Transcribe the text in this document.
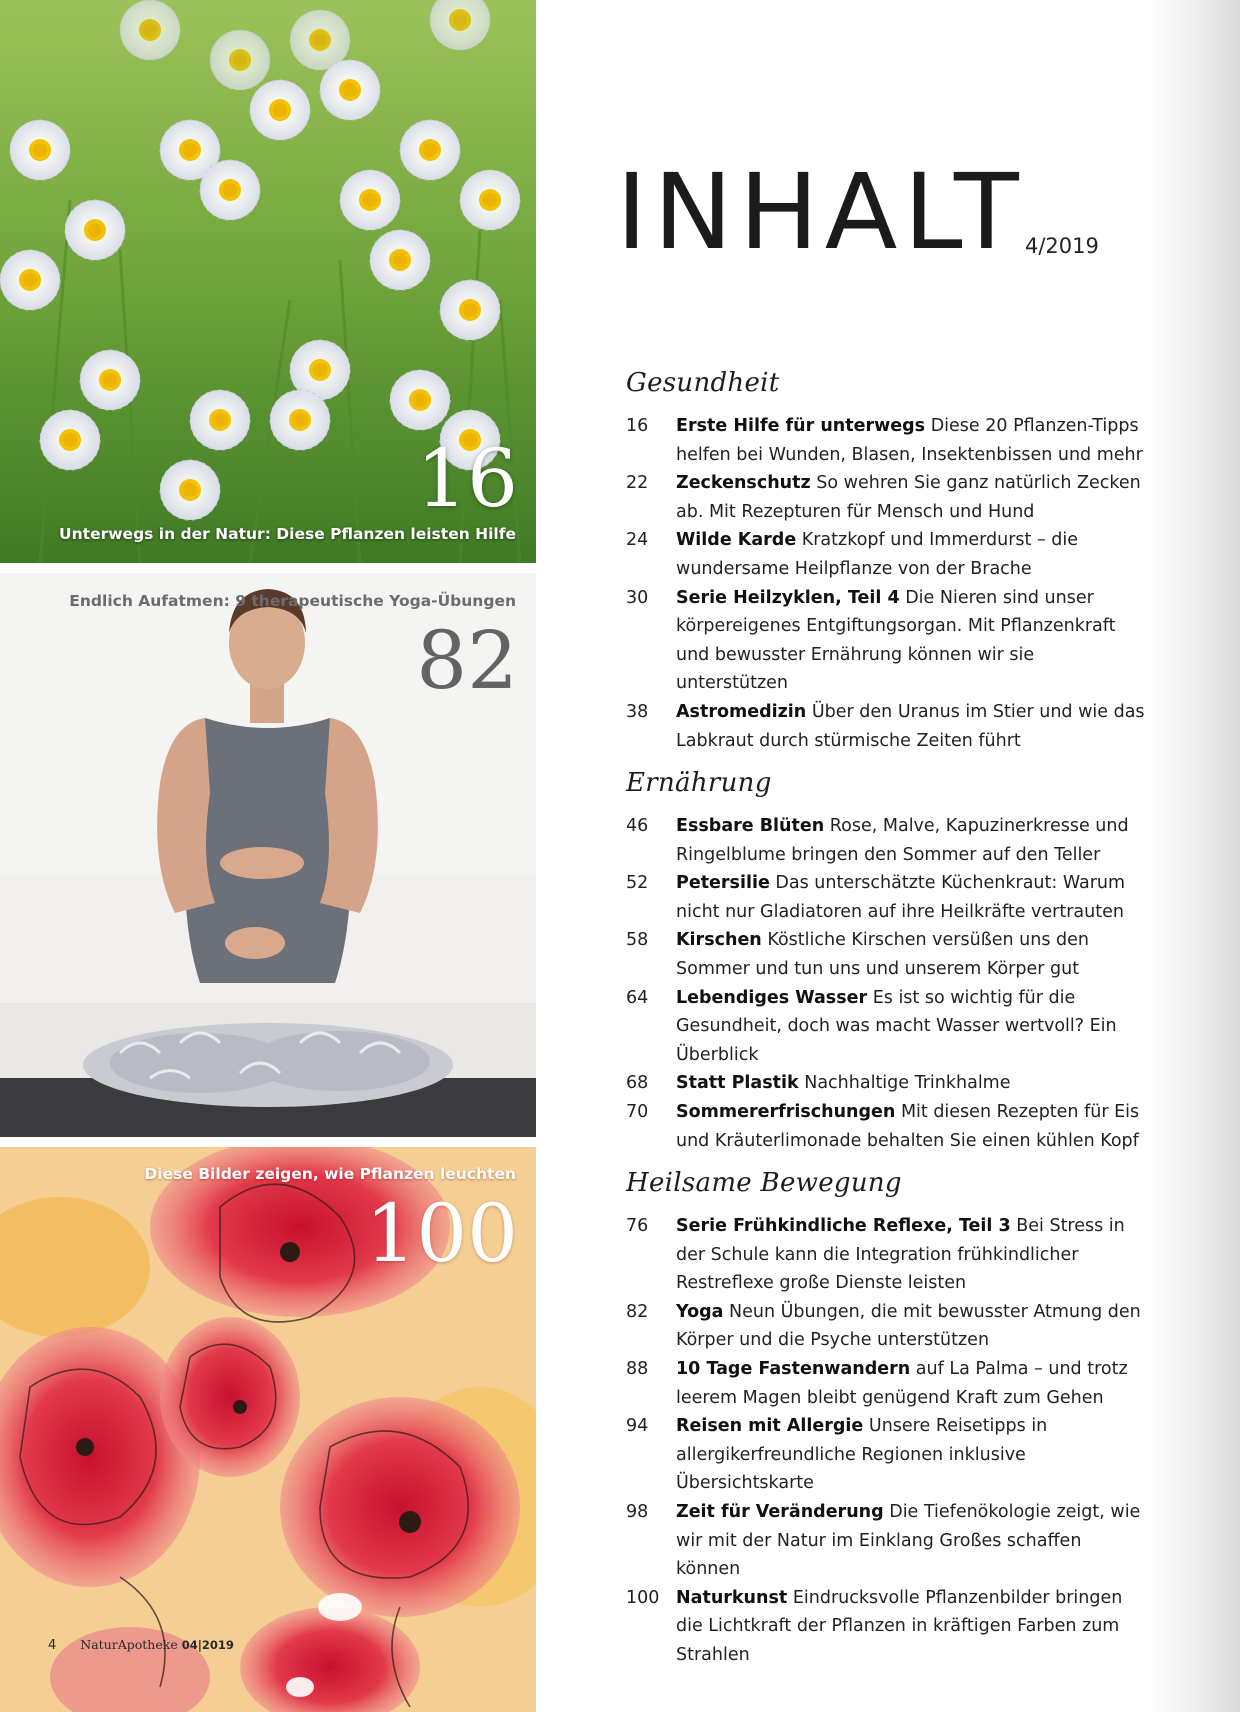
16
Unterwegs in der Natur: Diese Pflanzen leisten Hilfe
Endlich Aufatmen: 9 therapeutische Yoga-Übungen
82
Diese Bilder zeigen, wie Pflanzen leuchten
100
4 NaturApotheke 04|2019
INHALT 4/2019
Gesundheit
16	Erste Hilfe für unterwegs Diese 20 Pflanzen-Tipps helfen bei Wunden, Blasen, Insektenbissen und mehr
22	Zeckenschutz So wehren Sie ganz natürlich Zecken ab. Mit Rezepturen für Mensch und Hund
24	Wilde Karde Kratzkopf und Immerdurst – die wundersame Heilpflanze von der Brache
30	Serie Heilzyklen, Teil 4 Die Nieren sind unser körpereigenes Entgiftungsorgan. Mit Pflanzenkraft und bewusster Ernährung können wir sie unterstützen
38	Astromedizin Über den Uranus im Stier und wie das Labkraut durch stürmische Zeiten führt
Ernährung
46	Essbare Blüten Rose, Malve, Kapuzinerkresse und Ringelblume bringen den Sommer auf den Teller
52	Petersilie Das unterschätzte Küchenkraut: Warum nicht nur Gladiatoren auf ihre Heilkräfte vertrauten
58	Kirschen Köstliche Kirschen versüßen uns den Sommer und tun uns und unserem Körper gut
64	Lebendiges Wasser Es ist so wichtig für die Gesundheit, doch was macht Wasser wertvoll? Ein Überblick
68	Statt Plastik Nachhaltige Trinkhalme
70	Sommererfrischungen Mit diesen Rezepten für Eis und Kräuterlimonade behalten Sie einen kühlen Kopf
Heilsame Bewegung
76	Serie Frühkindliche Reflexe, Teil 3 Bei Stress in der Schule kann die Integration frühkindlicher Restreflexe große Dienste leisten
82	Yoga Neun Übungen, die mit bewusster Atmung den Körper und die Psyche unterstützen
88	10 Tage Fastenwandern auf La Palma – und trotz leerem Magen bleibt genügend Kraft zum Gehen
94	Reisen mit Allergie Unsere Reisetipps in allergikerfreundliche Regionen inklusive Übersichtskarte
98	Zeit für Veränderung Die Tiefenökologie zeigt, wie wir mit der Natur im Einklang Großes schaffen können
100 Naturkunst Eindrucksvolle Pflanzenbilder bringen die Lichtkraft der Pflanzen in kräftigen Farben zum Strahlen
